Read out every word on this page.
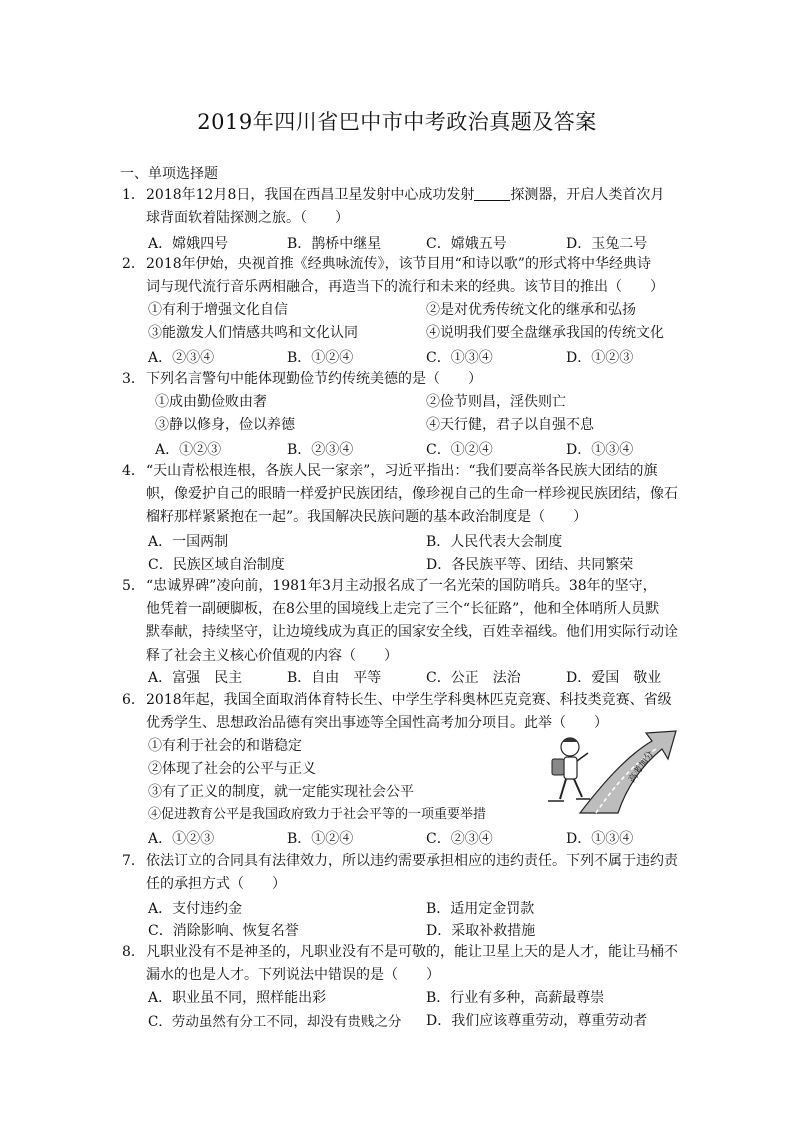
2019年四川省巴中市中考政治真题及答案
一、单项选择题
1．2018年12月8日，我国在西昌卫星发射中心成功发射	探测器，开启人类首次月
球背面软着陆探测之旅。（　　）
A．嫦娥四号	B．鹊桥中继星	C．嫦娥五号	D．玉兔二号
2．2018年伊始，央视首推《经典咏流传》，该节目用“和诗以歌”的形式将中华经典诗
词与现代流行音乐两相融合，再造当下的流行和未来的经典。该节目的推出（　　）
①有利于增强文化自信	②是对优秀传统文化的继承和弘扬
③能激发人们情感共鸣和文化认同	④说明我们要全盘继承我国的传统文化
A．②③④	B．①②④	C．①③④	D．①②③
3．下列名言警句中能体现勤俭节约传统美德的是（　　）
①成由勤俭败由奢	②俭节则昌，淫佚则亡
③静以修身，俭以养德	④天行健，君子以自强不息
A．①②③	B．②③④	C．①②④	D．①③④
4．“天山青松根连根，各族人民一家亲”，习近平指出：“我们要高举各民族大团结的旗
帜，像爱护自己的眼睛一样爱护民族团结，像珍视自己的生命一样珍视民族团结，像石
榴籽那样紧紧抱在一起”。我国解决民族问题的基本政治制度是（　　）
A．一国两制	B．人民代表大会制度
C．民族区域自治制度	D．各民族平等、团结、共同繁荣
5．“忠诚界碑”凌向前，1981年3月主动报名成了一名光荣的国防哨兵。38年的坚守，
他凭着一副硬脚板，在8公里的国境线上走完了三个“长征路”，他和全体哨所人员默
默奉献，持续坚守，让边境线成为真正的国家安全线，百姓幸福线。他们用实际行动诠
释了社会主义核心价值观的内容（　　）
A．富强　民主	B．自由　平等	C．公正　法治	D．爱国　敬业
6．2018年起，我国全面取消体育特长生、中学生学科奥林匹克竞赛、科技类竞赛、省级
优秀学生、思想政治品德有突出事迹等全国性高考加分项目。此举（　　）
①有利于社会的和谐稳定
②体现了社会的公平与正义
③有了正义的制度，就一定能实现社会公平
④促进教育公平是我国政府致力于社会平等的一项重要举措
A．①②③	B．①②④	C．②③④	D．①③④
高考加分
7．依法订立的合同具有法律效力，所以违约需要承担相应的违约责任。下列不属于违约责
任的承担方式（　　）
A．支付违约金	B．适用定金罚款
C．消除影响、恢复名誉	D．采取补救措施
8．凡职业没有不是神圣的，凡职业没有不是可敬的，能让卫星上天的是人才，能让马桶不
漏水的也是人才。下列说法中错误的是（　　）
A．职业虽不同，照样能出彩	B．行业有多种，高薪最尊崇
C．劳动虽然有分工不同，却没有贵贱之分 D．我们应该尊重劳动，尊重劳动者
